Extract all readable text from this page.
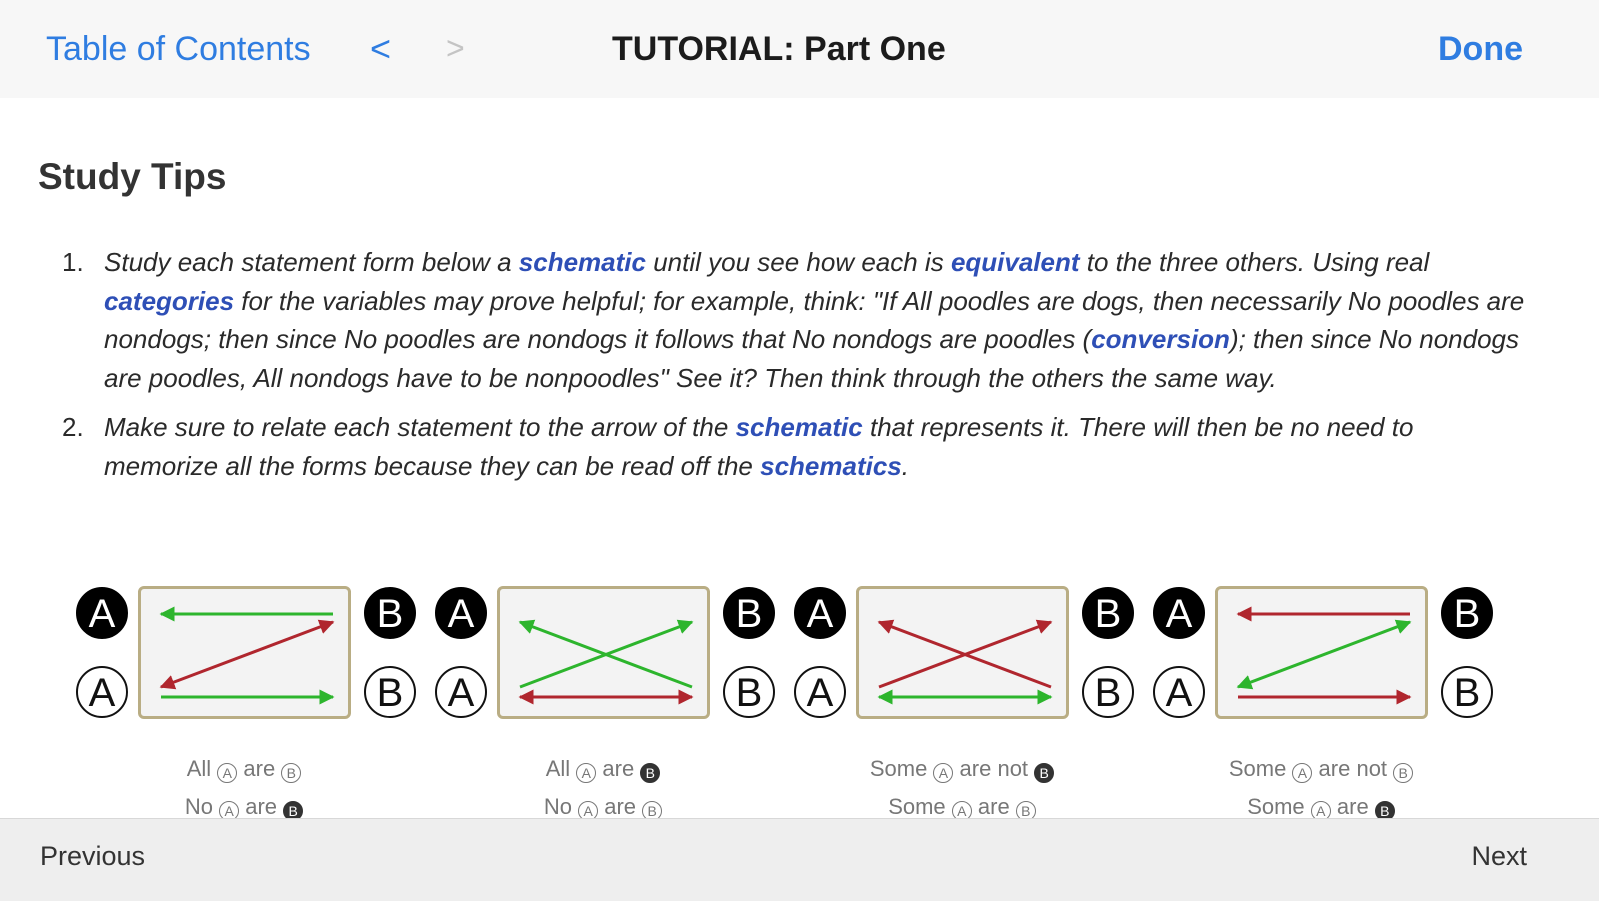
Table of Contents < >	TUTORIAL: Part One	Done
Study Tips
1. Study each statement form below a schematic until you see how each is equivalent to the three others. Using real categories for the variables may prove helpful; for example, think: "If All poodles are dogs, then necessarily No poodles are nondogs; then since No poodles are nondogs it follows that No nondogs are poodles (conversion); then since No nondogs are poodles, All nondogs have to be nonpoodles" See it? Then think through the others the same way.
2. Make sure to relate each statement to the arrow of the schematic that represents it. There will then be no need to memorize all the forms because they can be read off the schematics.
A
A
B
B
A
A
B
B
A
A
B
B
A
A
B
B
All A are B
No A are B
All A are B
No A are B
Some A are not B
Some A are B
Some A are not B
Some A are B
Previous	Next
